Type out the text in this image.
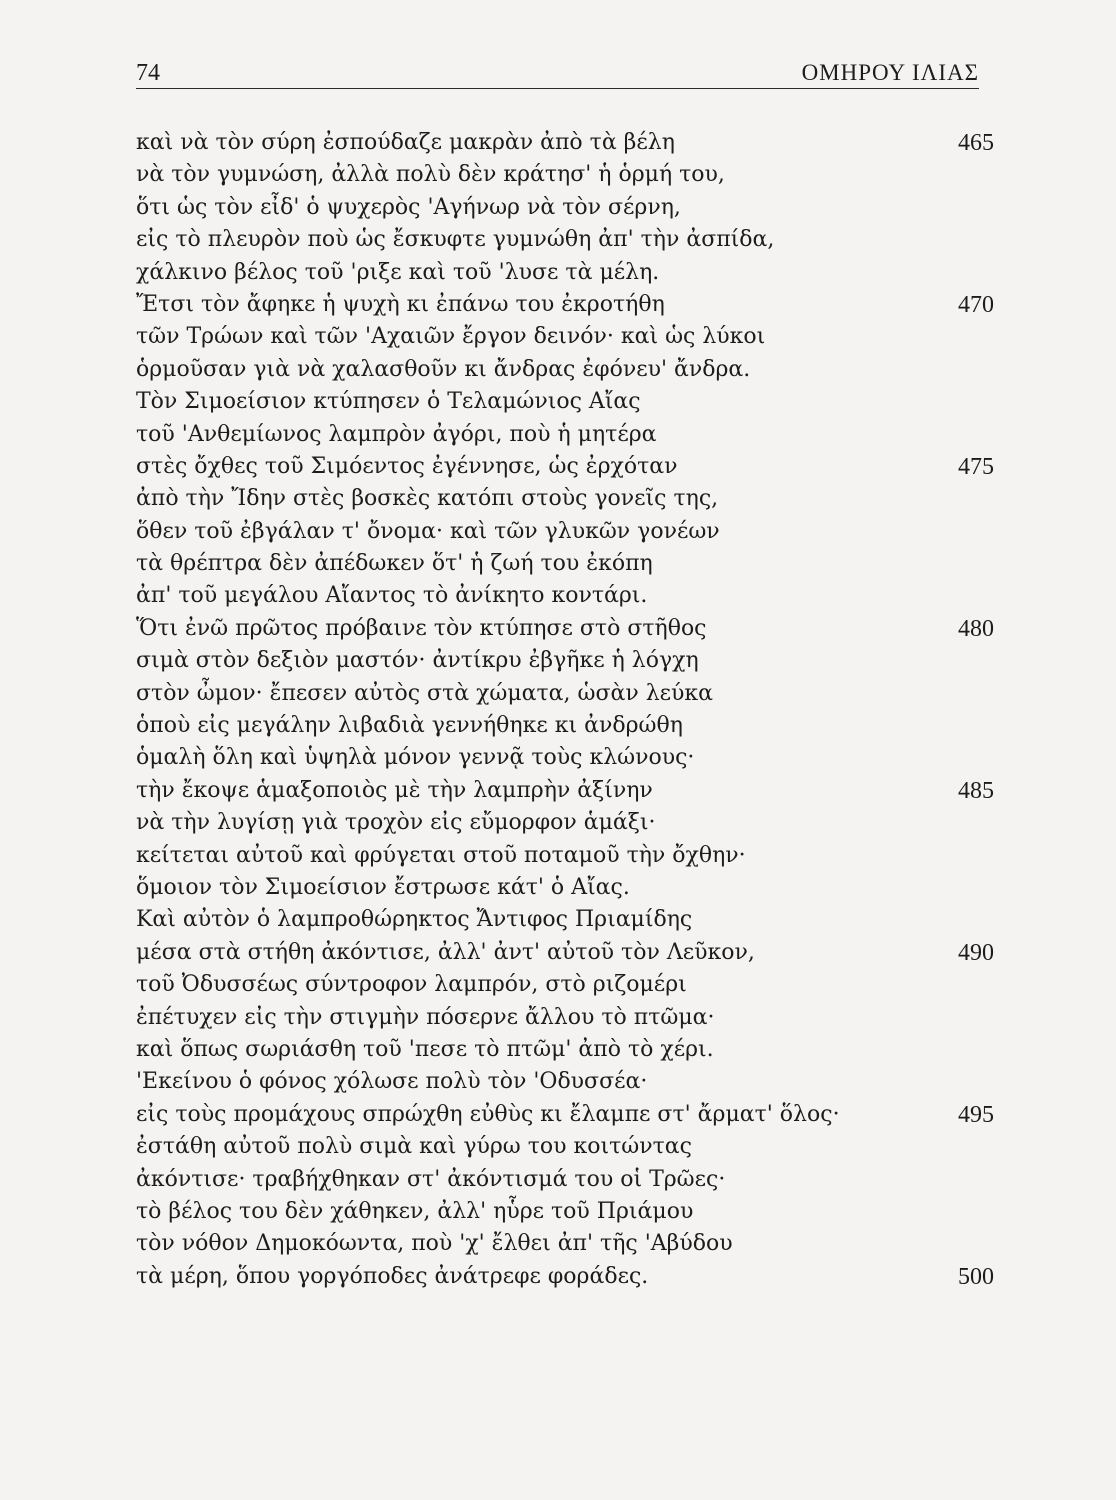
74	ΟΜΗΡΟΥ ΙΛΙΑΣ
καὶ νὰ τὸν σύρη ἐσπούδαζε μακρὰν ἀπὸ τὰ βέλη	465
νὰ τὸν γυμνώση, ἀλλὰ πολὺ δὲν κράτησ' ἡ ὁρμή του,
ὅτι ὡς τὸν εἶδ' ὁ ψυχερὸς 'Αγήνωρ νὰ τὸν σέρνη,
εἰς τὸ πλευρὸν ποὺ ὡς ἔσκυφτε γυμνώθη ἀπ' τὴν ἀσπίδα,
χάλκινο βέλος τοῦ 'ριξε καὶ τοῦ 'λυσε τὰ μέλη.
Ἔτσι τὸν ἄφηκε ἡ ψυχὴ κι ἐπάνω του ἐκροτήθη	470
τῶν Τρώων καὶ τῶν 'Αχαιῶν ἔργον δεινόν· καὶ ὡς λύκοι
ὁρμοῦσαν γιὰ νὰ χαλασθοῦν κι ἄνδρας ἐφόνευ' ἄνδρα.
Τὸν Σιμοείσιον κτύπησεν ὁ Τελαμώνιος Αἴας
τοῦ 'Ανθεμίωνος λαμπρὸν ἀγόρι, ποὺ ἡ μητέρα
στὲς ὄχθες τοῦ Σιμόεντος ἐγέννησε, ὡς ἐρχόταν	475
ἀπὸ τὴν Ἴδην στὲς βοσκὲς κατόπι στοὺς γονεῖς της,
ὅθεν τοῦ ἐβγάλαν τ' ὄνομα· καὶ τῶν γλυκῶν γονέων
τὰ θρέπτρα δὲν ἀπέδωκεν ὅτ' ἡ ζωή του ἐκόπη
ἀπ' τοῦ μεγάλου Αἴαντος τὸ ἀνίκητο κοντάρι.
Ὅτι ἐνῶ πρῶτος πρόβαινε τὸν κτύπησε στὸ στῆθος	480
σιμὰ στὸν δεξιὸν μαστόν· ἀντίκρυ ἐβγῆκε ἡ λόγχη
στὸν ὦμον· ἔπεσεν αὐτὸς στὰ χώματα, ὡσὰν λεύκα
ὁποὺ εἰς μεγάλην λιβαδιὰ γεννήθηκε κι ἀνδρώθη
ὁμαλὴ ὅλη καὶ ὑψηλὰ μόνον γεννᾷ τοὺς κλώνους·
τὴν ἔκοψε ἁμαξοποιὸς μὲ τὴν λαμπρὴν ἀξίνην	485
νὰ τὴν λυγίσῃ γιὰ τροχὸν εἰς εὔμορφον ἁμάξι·
κείτεται αὐτοῦ καὶ φρύγεται στοῦ ποταμοῦ τὴν ὄχθην·
ὅμοιον τὸν Σιμοείσιον ἔστρωσε κάτ' ὁ Αἴας.
Καὶ αὐτὸν ὁ λαμπροθώρηκτος Ἄντιφος Πριαμίδης
μέσα στὰ στήθη ἀκόντισε, ἀλλ' ἀντ' αὐτοῦ τὸν Λεῦκον,	490
τοῦ Ὀδυσσέως σύντροφον λαμπρόν, στὸ ριζομέρι
ἐπέτυχεν εἰς τὴν στιγμὴν πόσερνε ἄλλου τὸ πτῶμα·
καὶ ὅπως σωριάσθη τοῦ 'πεσε τὸ πτῶμ' ἀπὸ τὸ χέρι.
'Εκείνου ὁ φόνος χόλωσε πολὺ τὸν 'Οδυσσέα·
εἰς τοὺς προμάχους σπρώχθη εὐθὺς κι ἔλαμπε στ' ἄρματ' ὅλος·	495
ἐστάθη αὐτοῦ πολὺ σιμὰ καὶ γύρω του κοιτώντας
ἀκόντισε· τραβήχθηκαν στ' ἀκόντισμά του οἱ Τρῶες·
τὸ βέλος του δὲν χάθηκεν, ἀλλ' ηὗρε τοῦ Πριάμου
τὸν νόθον Δημοκόωντα, ποὺ 'χ' ἔλθει ἀπ' τῆς 'Αβύδου
τὰ μέρη, ὅπου γοργόποδες ἀνάτρεφε φοράδες.	500
